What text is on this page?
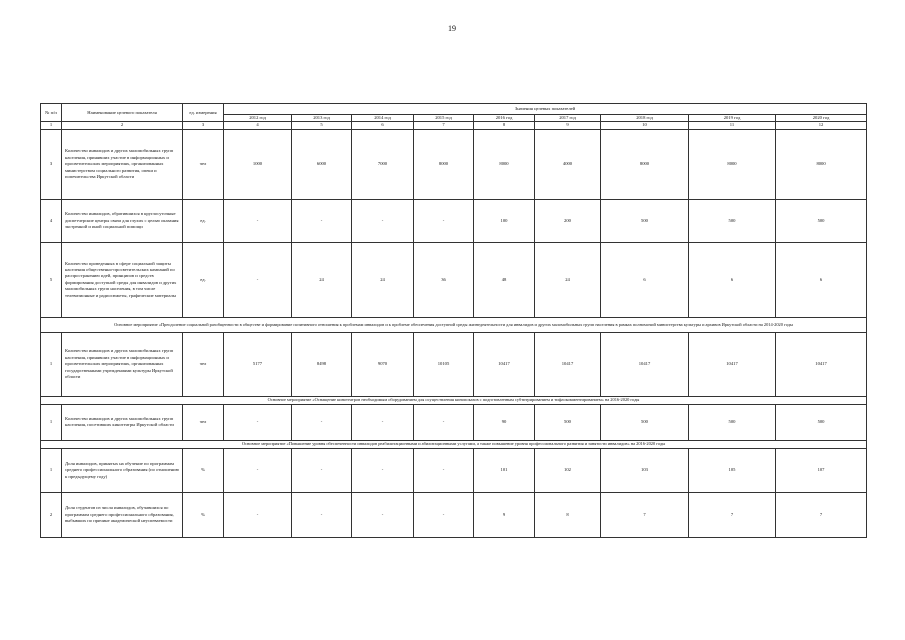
19
№ п/п	Наименование целевого показателя	ед. измерения	Значения целевых показателей								
			2012 год	2013 год	2014 год	2015 год	2016 год	2017 год	2018 год	2019 год	2020 год
1	2	3	4	5	6	7	8	9	10	11	12
3	Количество инвалидов и других маломобильных групп населения, принявших участие в информационных и просветительских мероприятиях, организованных министерством социального развития, опеки и попечительства Иркутской области	чел	1000	6000	7000	8000	8000	4000	8000	8000	8000
4	Количество инвалидов, обратившихся в круглосуточные диспетчерские центры связи для глухих с целью оказания экстренной и иной социальной помощи	ед.	-	-	-	-	100	200	500	500	500
5	Количество проведенных в сфере социальной защиты населения общественно-просветительских кампаний по распространению идей, принципов и средств формирования доступной среды для инвалидов и других маломобильных групп населения, в том числе телевизионные и радиосюжеты, графические материалы	ед.	-	24	24	36	48	24	6	6	6
Основное мероприятие «Преодоление социальной разобщенности в обществе и формирование позитивного отношения к проблемам инвалидов и к проблеме обеспечения доступной среды жизнедеятельности для инвалидов и других маломобильных групп населения в рамках полномочий министерства культуры и архивов Иркутской области на 2014-2020 годы											
1	Количество инвалидов и других маломобильных групп населения, принявших участие в информационных и просветительских мероприятиях, организованных государственными учреждениями культуры Иркутской области	чел	5177	8498	9070	10105	10417	10417	10417	10417	10417
Основное мероприятие «Оснащение кинотеатров необходимым оборудованием для осуществления кинопоказов с подготовленным субтитрированием и тифлокомментированием» на 2016-2020 годы											
1	Количество инвалидов и других маломобильных групп населения, посетивших кинотеатры Иркутской области	чел	-	-	-	-	90	500	500	500	500
Основное мероприятие «Повышение уровня обеспеченности инвалидов реабилитационными и абилитационными услугами, а также повышение уровня профессионального развития и занятости инвалидов» на 2016-2020 годы											
1	Доля инвалидов, принятых на обучение по программам среднего профессионального образования (по отношению к предыдущему году)	%	-	-	-	-	101	102	103	105	107
2	Доля студентов из числа инвалидов, обучавшихся по программам среднего профессионального образования, выбывших по причине академической неуспеваемости	%	-	-	-	-	9	8	7	7	7
